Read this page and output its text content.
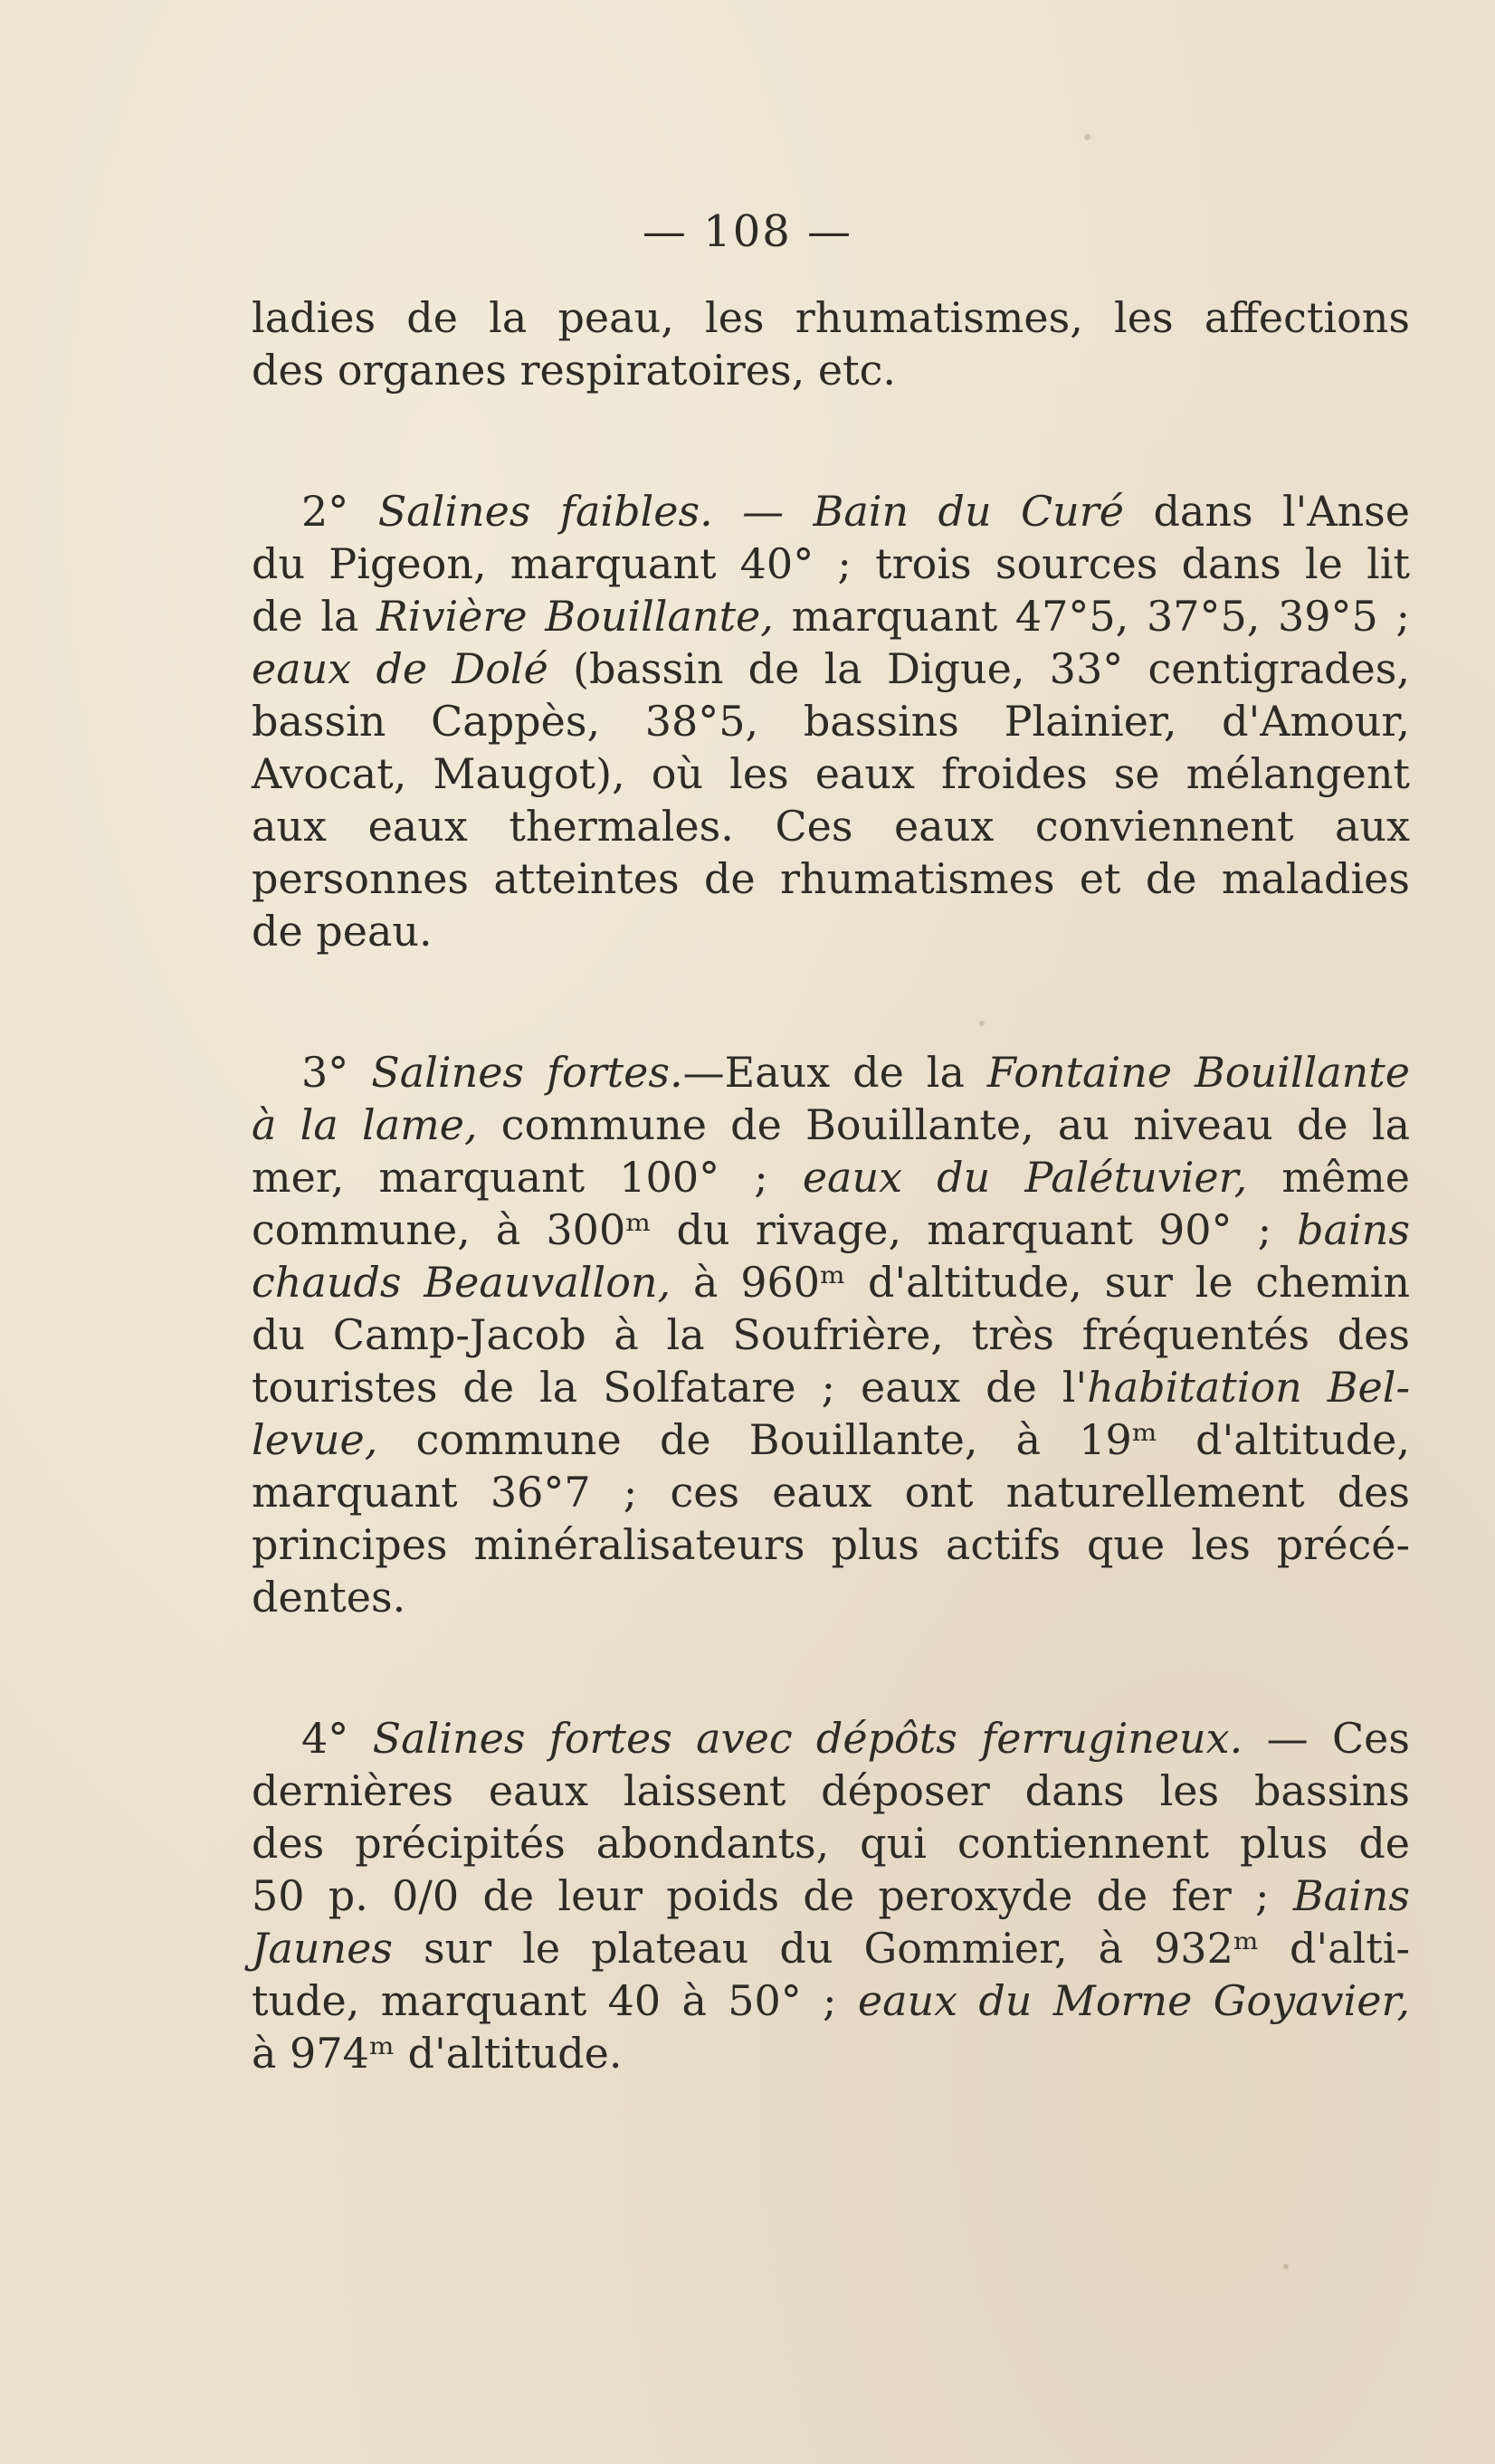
— 108 —
ladies de la peau, les rhumatismes, les affections
des organes respiratoires, etc.
2° Salines faibles. — Bain du Curé dans l'Anse
du Pigeon, marquant 40° ; trois sources dans le lit
de la Rivière Bouillante, marquant 47°5, 37°5, 39°5 ;
eaux de Dolé (bassin de la Digue, 33° centigrades,
bassin Cappès, 38°5, bassins Plainier, d'Amour,
Avocat, Maugot), où les eaux froides se mélangent
aux eaux thermales. Ces eaux conviennent aux
personnes atteintes de rhumatismes et de maladies
de peau.
3° Salines fortes.—Eaux de la Fontaine Bouillante
à la lame, commune de Bouillante, au niveau de la
mer, marquant 100° ; eaux du Palétuvier, même
commune, à 300ᵐ du rivage, marquant 90° ; bains
chauds Beauvallon, à 960ᵐ d'altitude, sur le chemin
du Camp-Jacob à la Soufrière, très fréquentés des
touristes de la Solfatare ; eaux de l'habitation Bel-
levue, commune de Bouillante, à 19ᵐ d'altitude,
marquant 36°7 ; ces eaux ont naturellement des
principes minéralisateurs plus actifs que les précé-
dentes.
4° Salines fortes avec dépôts ferrugineux. — Ces
dernières eaux laissent déposer dans les bassins
des précipités abondants, qui contiennent plus de
50 p. 0/0 de leur poids de peroxyde de fer ; Bains
Jaunes sur le plateau du Gommier, à 932ᵐ d'alti-
tude, marquant 40 à 50° ; eaux du Morne Goyavier,
à 974ᵐ d'altitude.
